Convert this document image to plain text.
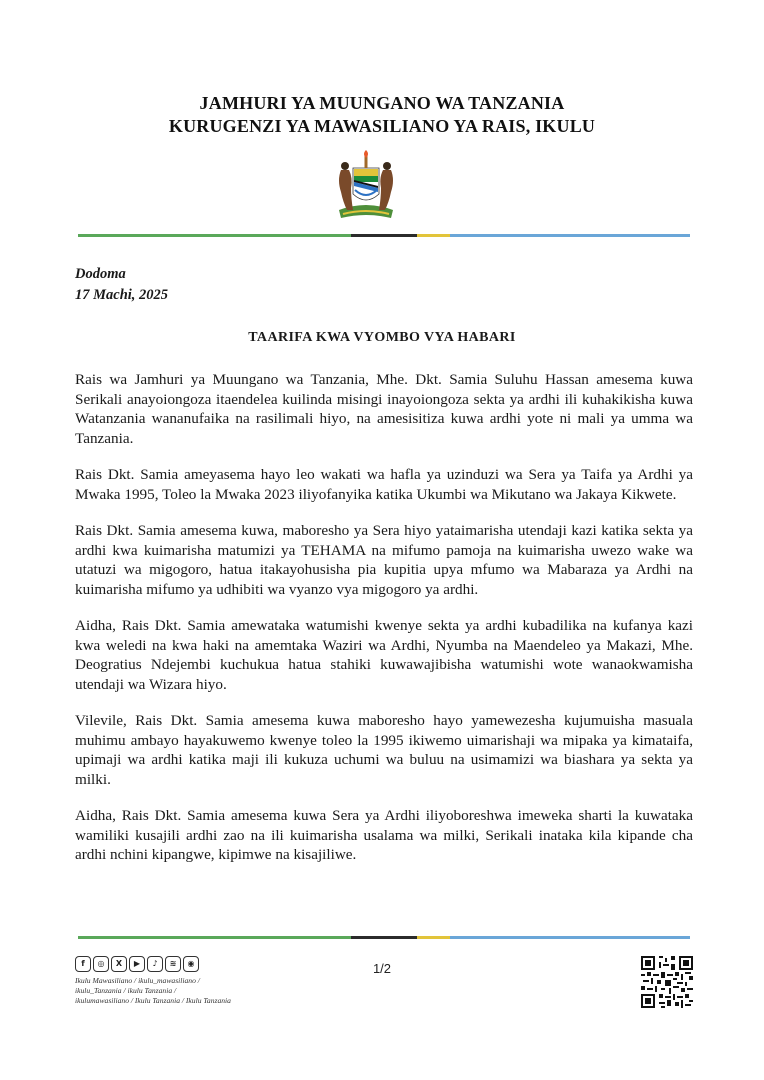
JAMHURI YA MUUNGANO WA TANZANIA
KURUGENZI YA MAWASILIANO YA RAIS, IKULU
Dodoma
17 Machi, 2025
TAARIFA KWA VYOMBO VYA HABARI

Rais wa Jamhuri ya Muungano wa Tanzania, Mhe. Dkt. Samia Suluhu Hassan amesema kuwa Serikali anayoiongoza itaendelea kuilinda misingi inayoiongoza sekta ya ardhi ili kuhakikisha kuwa Watanzania wananufaika na rasilimali hiyo, na amesisitiza kuwa ardhi yote ni mali ya umma wa Tanzania.

Rais Dkt. Samia ameyasema hayo leo wakati wa hafla ya uzinduzi wa Sera ya Taifa ya Ardhi ya Mwaka 1995, Toleo la Mwaka 2023 iliyofanyika katika Ukumbi wa Mikutano wa Jakaya Kikwete.

Rais Dkt. Samia amesema kuwa, maboresho ya Sera hiyo yataimarisha utendaji kazi katika sekta ya ardhi kwa kuimarisha matumizi ya TEHAMA na mifumo pamoja na kuimarisha uwezo wake wa utatuzi wa migogoro, hatua itakayohusisha pia kupitia upya mfumo wa Mabaraza ya Ardhi na kuimarisha mifumo ya udhibiti wa vyanzo vya migogoro ya ardhi.

Aidha, Rais Dkt. Samia amewataka watumishi kwenye sekta ya ardhi kubadilika na kufanya kazi kwa weledi na kwa haki na amemtaka Waziri wa Ardhi, Nyumba na Maendeleo ya Makazi, Mhe. Deogratius Ndejembi kuchukua hatua stahiki kuwawajibisha watumishi wote wanaokwamisha utendaji wa Wizara hiyo.

Vilevile, Rais Dkt. Samia amesema kuwa maboresho hayo yamewezesha kujumuisha masuala muhimu ambayo hayakuwemo kwenye toleo la 1995 ikiwemo uimarishaji wa mipaka ya kimataifa, upimaji wa ardhi katika maji ili kukuza uchumi wa buluu na usimamizi wa biashara ya sekta ya milki.

Aidha, Rais Dkt. Samia amesema kuwa Sera ya Ardhi iliyoboreshwa imeweka sharti la kuwataka wamiliki kusajili ardhi zao na ili kuimarisha usalama wa milki, Serikali inataka kila kipande cha ardhi nchini kipangwe, kipimwe na kisajiliwe.

f	◎	X	▶	♪	≋	◉
Ikulu Mawasiliano / ikulu_mawasiliano /
ikulu_Tanzania / ikulu Tanzania /
ikulumawasiliano / Ikulu Tanzania / Ikulu Tanzania
1/2
